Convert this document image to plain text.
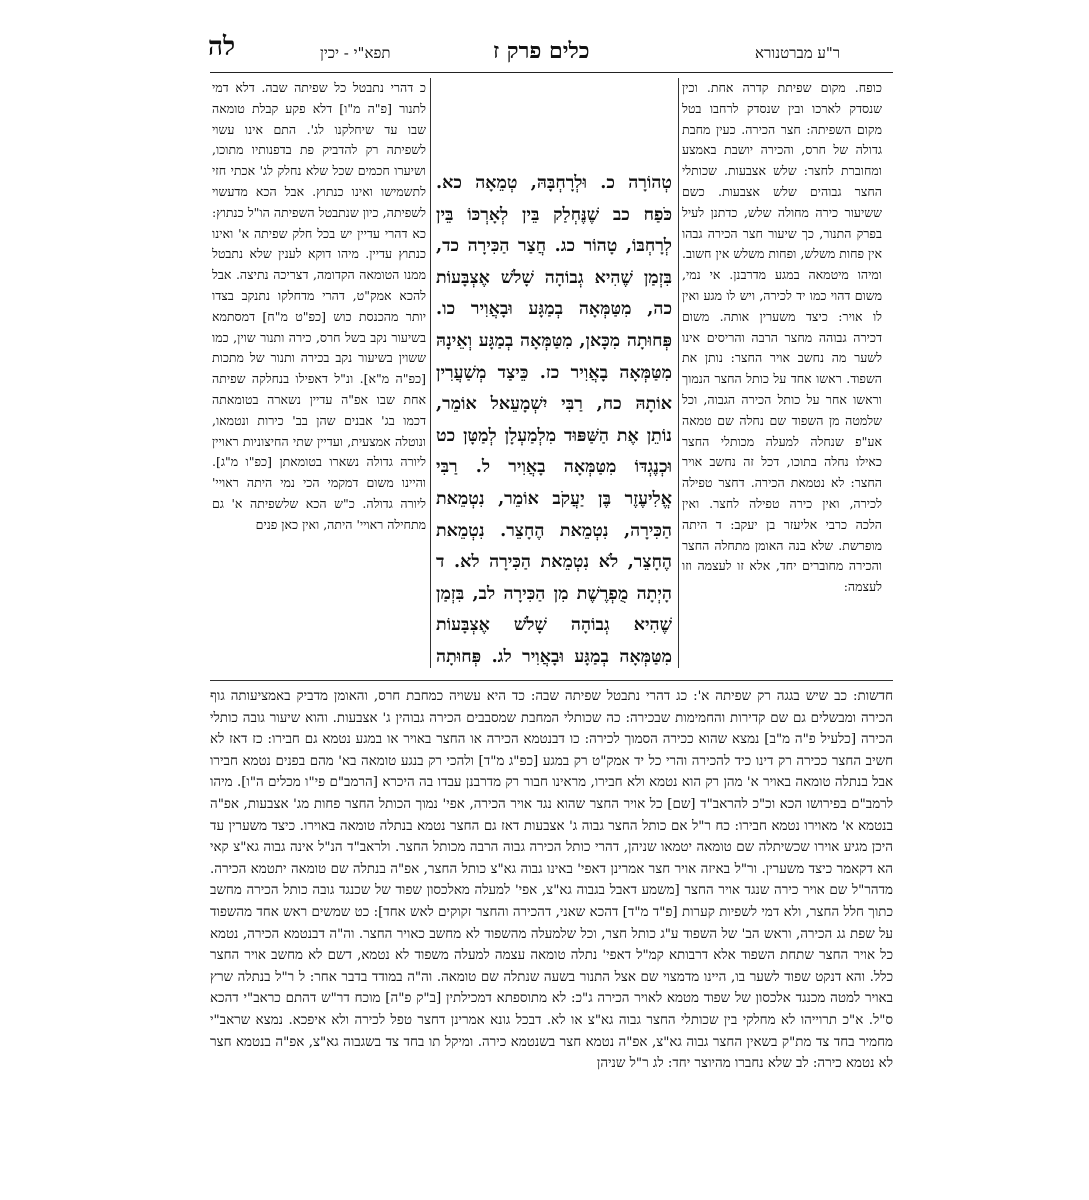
לה	תפא"י - יכין	כלים פרק ז	ר"ע מברטנורא
כופח. מקום שפיתת קדרה אחת. וכין שנסדק לארכו ובין שנסדק לרחבו בטל מקום השפיתה: חצר הכירה. כעין מחבת גדולה של חרס, והכירה יושבת באמצע ומחוברת לחצר: שלש אצבעות. שכותלי החצר גבוהים שלש אצבעות. כשם ששיעור כירה מחולה שלש, כדתנן לעיל בפרק התנור, כך שיעור חצר הכירה גבהו אין פחות משלש, ופחות משלש אין חשוב. ומיהו מיטמאה במגע מדרבנן. אי נמי, משום דהוי כמו יד לכירה, ויש לו מגע ואין לו אויר: כיצד משערין אותה. משום דכירה גבוהה מחצר הרבה והריסים אינו לשער מה נחשב אויר החצר: נותן את השפוד. ראשו אחד על כותל החצר הנמוך וראשו אחר על כותל הכירה הגבוה, וכל שלמטה מן השפוד שם נחלה שם טמאה אע"פ שנחלה למעלה מכותלי החצר כאילו נחלה בתוכו, דכל זה נחשב אויר החצר: לא נטמאת הכירה. דחצר טפילה לכירה, ואין כירה טפילה לחצר. ואין הלכה כרבי אליעזר בן יעקב: ד היתה מופרשת. שלא בנה האומן מתחלה החצר והכירה מחוברים יחד, אלא זו לעצמה וזו לעצמה:
טְהוֹרָה כ. וּלְרָחְבָּהּ, טְמֵאָה כא. כֹּפַח כב שֶׁנֶּחְלַק בֵּין לְאָרְכּוֹ בֵּין לְרָחְבּוֹ, טָהוֹר כג. חֲצַר הַכִּירָה כד, בִּזְמַן שֶׁהִיא גְבוֹהָה שָׁלֹשׁ אֶצְבָּעוֹת כה, מִטַּמְּאָה בְמַגָּע וּבָאֲוִיר כו. פְּחוּתָה מִכָּאן, מִטַּמְּאָה בְמַגָּע וְאֵינָהּ מִטַּמְּאָה בָאֲוִיר כז. כֵּיצַד מְשַׁעֲרִין אוֹתָהּ כח, רַבִּי יִשְׁמָעֵאל אוֹמֵר, נוֹתֵן אֶת הַשַּׁפּוּד מִלְמַעְלָן לְמַטָּן כט וּכְנֶגְדּוֹ מִטַּמְּאָה בָאֲוִיר ל. רַבִּי אֱלִיעֶזֶר בֶּן יַעֲקֹב אוֹמֵר, נִטְמֵאת הַכִּירָה, נִטְמֵאת הֶחָצֵר. נִטְמֵאת הֶחָצֵר, לֹא נִטְמֵאת הַכִּירָה לא. ד הָיְתָה מֻפְרֶשֶׁת מִן הַכִּירָה לב, בִּזְמַן שֶׁהִיא גְבוֹהָה שָׁלֹשׁ אֶצְבָּעוֹת מִטַּמְּאָה בְמַגָּע וּבָאֲוִיר לג. פְּחוּתָה
כ דהרי נתבטל כל שפיתה שבה. דלא דמי לתנור [פ"ה מ"ו] דלא פקע קבלת טומאה שבו עד שיחלקנו לג'. התם אינו עשוי לשפיתה רק להדביק פת בדפנותיו מתוכו, ושיערו חכמים שכל שלא נחלק לג' אכתי חזי לתשמישו ואינו כנתוץ. אבל הכא מדעשוי לשפיתה, כיון שנתבטל השפיתה הו"ל כנתוץ: כא דהרי עדיין יש בכל חלק שפיתה א' ואינו כנתוץ עדיין. מיהו דוקא לענין שלא נתבטל ממנו הטומאה הקדומה, דצריכה נתיצה. אבל להכא אמק"ט, דהרי מדחלקו נתנקב בצדו יותר מהכנסת כוש [כפ"ט מ"ח] דמסתמא בשיעור נקב בשל חרס, כירה ותנור שוין, כמו ששוין בשיעור נקב בכירה ותנור של מתכות [כפ"ה מ"א]. ונ"ל דאפילו בנחלקה שפיתה אחת שבו אפ"ה עדיין נשארה בטומאתה דכמו בג' אבנים שהן בב' כירות ונטמאו, ונוטלה אמצעית, ועדיין שתי החיצוניות ראויין ליורה גדולה נשארו בטומאתן [כפ"ו מ"ג]. והיינו משום דמקמי הכי נמי היתה ראויי' ליורה גדולה. כ"ש הכא שלשפיתה א' גם מתחילה ראויי' היתה, ואין כאן פנים
חדשות: כב שיש בגגה רק שפיתה א': כג דהרי נתבטל שפיתה שבה: כד היא עשויה כמחבת חרס, והאומן מדביק באמציעותה גוף הכירה ומבשלים גם שם קדירות והחמימות שבכירה: כה שכותלי המחבת שמסבבים הכירה גבוהין ג' אצבעות. והוא שיעור גובה כותלי הכירה [כלעיל פ"ה מ"ב] נמצא שהוא ככירה הסמוך לכירה: כו דבנטמא הכירה או החצר באויר או במגע נטמא גם חבירו: כז דאז לא חשיב החצר ככירה רק דינו כיד להכירה והרי כל יד אמק"ט רק במגע [כפ"ג מ"ד] ולהכי רק בנגע טומאה בא' מהם בפנים נטמא חבירו אבל בנתלה טומאה באויר א' מהן רק הוא נטמא ולא חבירו, מראינו חבור רק מדרבנן עבדו בה היכרא [הרמב"ם פי"ו מכלים ה"ו]. מיהו לרמב"ם בפירושו הכא וכ"כ להראב"ד [שם] כל אויר החצר שהוא נגד אויר הכירה, אפי' נמוך הכותל החצר פחות מג' אצבעות, אפ"ה בנטמא א' מאוירו נטמא חבירו: כח ר"ל אם כותל החצר גבוה ג' אצבעות דאז גם החצר נטמא בנתלה טומאה באוירו. כיצד משערין עד היכן מגיע אוירו שכשיתלה שם טומאה יטמאו שניהן, דהרי כותל הכירה גבוה הרבה מכותל החצר. ולראב"ד הנ"ל אינה גבוה גא"צ קאי הא דקאמר כיצד משערין. ור"ל באיזה אויר חצר אמרינן דאפי' באינו גבוה גא"צ כותל החצר, אפ"ה בנתלה שם טומאה יתטמא הכירה. מדהר"ל שם אויר כירה שנגד אויר החצר [משמע דאבל בגבוה גא"צ, אפי' למעלה מאלכסון שפוד של שכנגד גובה כותל הכירה מחשב כתוך חלל החצר, ולא דמי לשפיות קערות [פ"ד מ"ד] דהכא שאני, דהכירה והחצר זקוקים לאש אחד]: כט שמשים ראש אחד מהשפוד על שפת גג הכירה, וראש הב' של השפוד ע"ג כותל חצר, וכל שלמעלה מהשפוד לא מחשב כאויר החצר. וה"ה דבנטמא הכירה, נטמא כל אויר החצר שתחת השפוד אלא דרבותא קמ"ל דאפי' נתלה טומאה עצמה למעלה משפוד לא נטמא, דשם לא מחשב אויר החצר כלל. והא דנקט שפוד לשער בו, היינו מדמצוי שם אצל התנור בשעה שנתלה שם טומאה. וה"ה במודד בדבר אחר: ל ר"ל בנתלה שרץ באויר למטה מכנגד אלכסון של שפוד מטמא לאויר הכירה ג"כ: לא מתוספתא דמכילתין [ב"ק פ"ה] מוכח דר"ש דהתם כראב"י דהכא ס"ל. א"כ תרוייהו לא מחלקי בין שכותלי החצר גבוה גא"צ או לא. דבכל גונא אמרינן דחצר טפל לכירה ולא איפכא. נמצא שראב"י מחמיר בחד צד מת"ק בשאין החצר גבוה גא"צ, אפ"ה נטמא חצר בשנטמא כירה. ומיקל תו בחד צד בשגבוה גא"צ, אפ"ה בנטמא חצר לא נטמא כירה: לב שלא נחברו מהיוצר יחד: לג ר"ל שניהן
